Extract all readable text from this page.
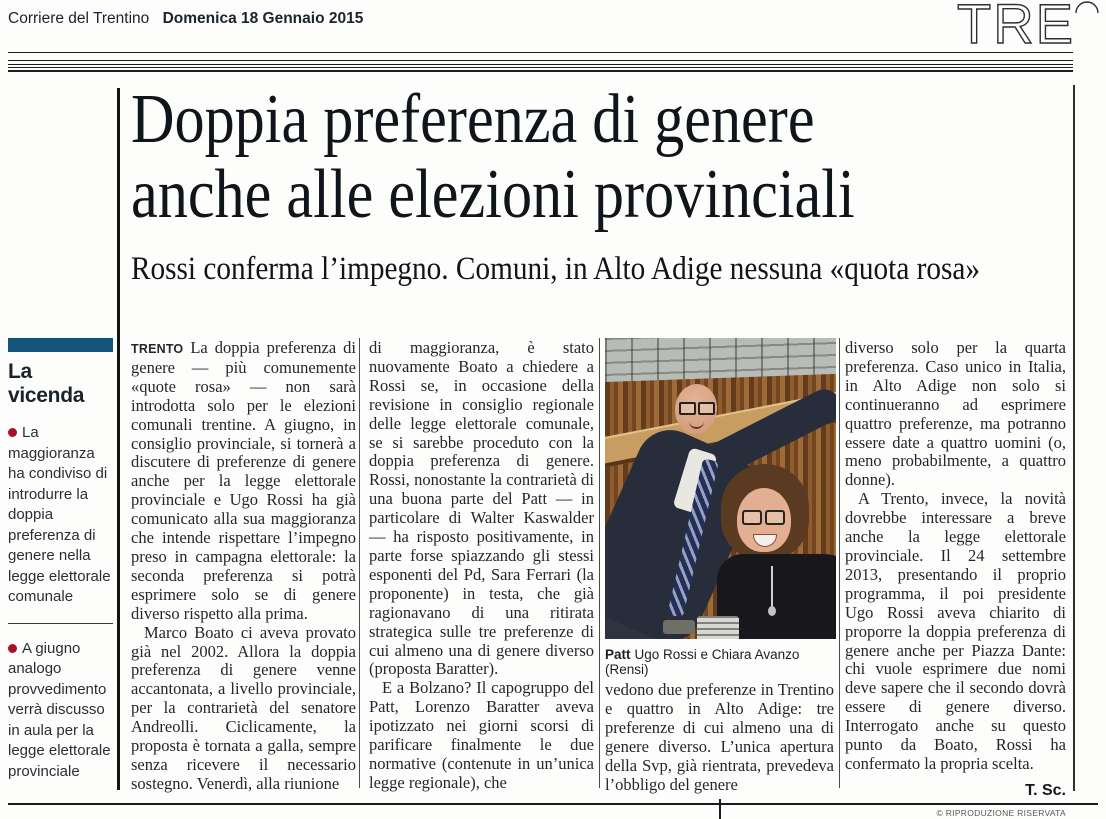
Corriere del Trentino Domenica 18 Gennaio 2015	TRE
Doppia preferenza di genere
anche alle elezioni provinciali
Rossi conferma l’impegno. Comuni, in Alto Adige nessuna «quota rosa»
La vicenda
La maggioranza ha condiviso di introdurre la doppia preferenza di genere nella legge elettorale comunale
A giugno analogo provvedimento verrà discusso in aula per la legge elettorale provinciale

TRENTO La doppia preferenza di genere — più comunemente «quote rosa» — non sarà introdotta solo per le elezioni comunali trentine. A giugno, in consiglio provinciale, si tornerà a discutere di preferenze di genere anche per la legge elettorale provinciale e Ugo Rossi ha già comunicato alla sua maggioranza che intende rispettare l’impegno preso in campagna elettorale: la seconda preferenza si potrà esprimere solo se di genere diverso rispetto alla prima.

Marco Boato ci aveva provato già nel 2002. Allora la doppia preferenza di genere venne accantonata, a livello provinciale, per la contrarietà del senatore Andreolli. Ciclicamente, la proposta è tornata a galla, sempre senza ricevere il necessario sostegno. Venerdì, alla riunione

di maggioranza, è stato nuovamente Boato a chiedere a Rossi se, in occasione della revisione in consiglio regionale delle legge elettorale comunale, se si sarebbe proceduto con la doppia preferenza di genere. Rossi, nonostante la contrarietà di una buona parte del Patt — in particolare di Walter Kaswalder — ha risposto positivamente, in parte forse spiazzando gli stessi esponenti del Pd, Sara Ferrari (la proponente) in testa, che già ragionavano di una ritirata strategica sulle tre preferenze di cui almeno una di genere diverso (proposta Baratter).

E a Bolzano? Il capogruppo del Patt, Lorenzo Baratter aveva ipotizzato nei giorni scorsi di parificare finalmente le due normative (contenute in un’unica legge regionale), che

Patt Ugo Rossi e Chiara Avanzo (Rensi)

vedono due preferenze in Trentino e quattro in Alto Adige: tre preferenze di cui almeno una di genere diverso. L’unica apertura della Svp, già rientrata, prevedeva l’obbligo del genere

diverso solo per la quarta preferenza. Caso unico in Italia, in Alto Adige non solo si continueranno ad esprimere quattro preferenze, ma potranno essere date a quattro uomini (o, meno probabilmente, a quattro donne).

A Trento, invece, la novità dovrebbe interessare a breve anche la legge elettorale provinciale. Il 24 settembre 2013, presentando il proprio programma, il poi presidente Ugo Rossi aveva chiarito di proporre la doppia preferenza di genere anche per Piazza Dante: chi vuole esprimere due nomi deve sapere che il secondo dovrà essere di genere diverso. Interrogato anche su questo punto da Boato, Rossi ha confermato la propria scelta.

T. Sc.
© RIPRODUZIONE RISERVATA
